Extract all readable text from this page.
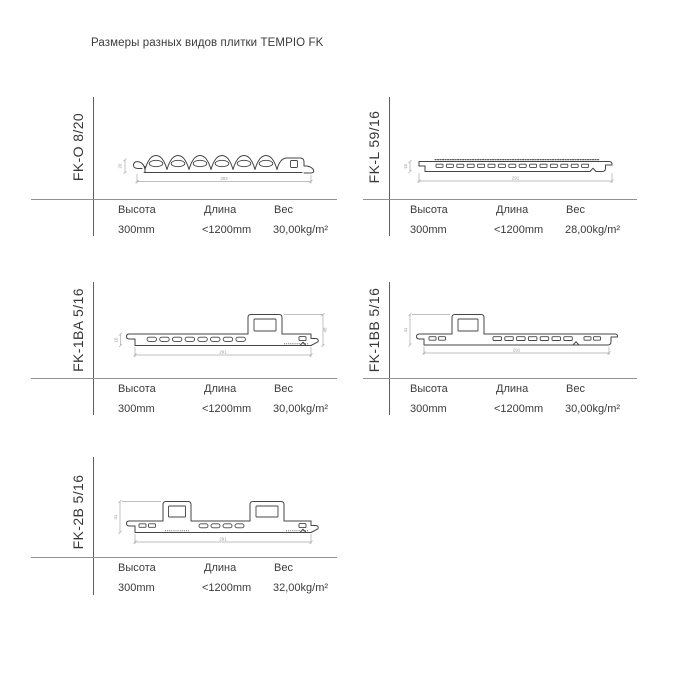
Размеры разных видов плитки TEMPIO FK
FK-O 8/20	292
20
Высота	Длина	Вес
300mm	<1200mm 30,00kg/m²
FK-L 59/16	291
16
Высота	Длина	Вес
300mm	<1200mm 28,00kg/m²
FK-1BA 5/16	291
16
45
Высота	Длина	Вес
300mm	<1200mm 30,00kg/m²
FK-1BB 5/16	291
41
Высота	Длина	Вес
300mm	<1200mm 30,00kg/m²
FK-2B 5/16	291
41
Высота	Длина	Вес
300mm	<1200mm 32,00kg/m²
